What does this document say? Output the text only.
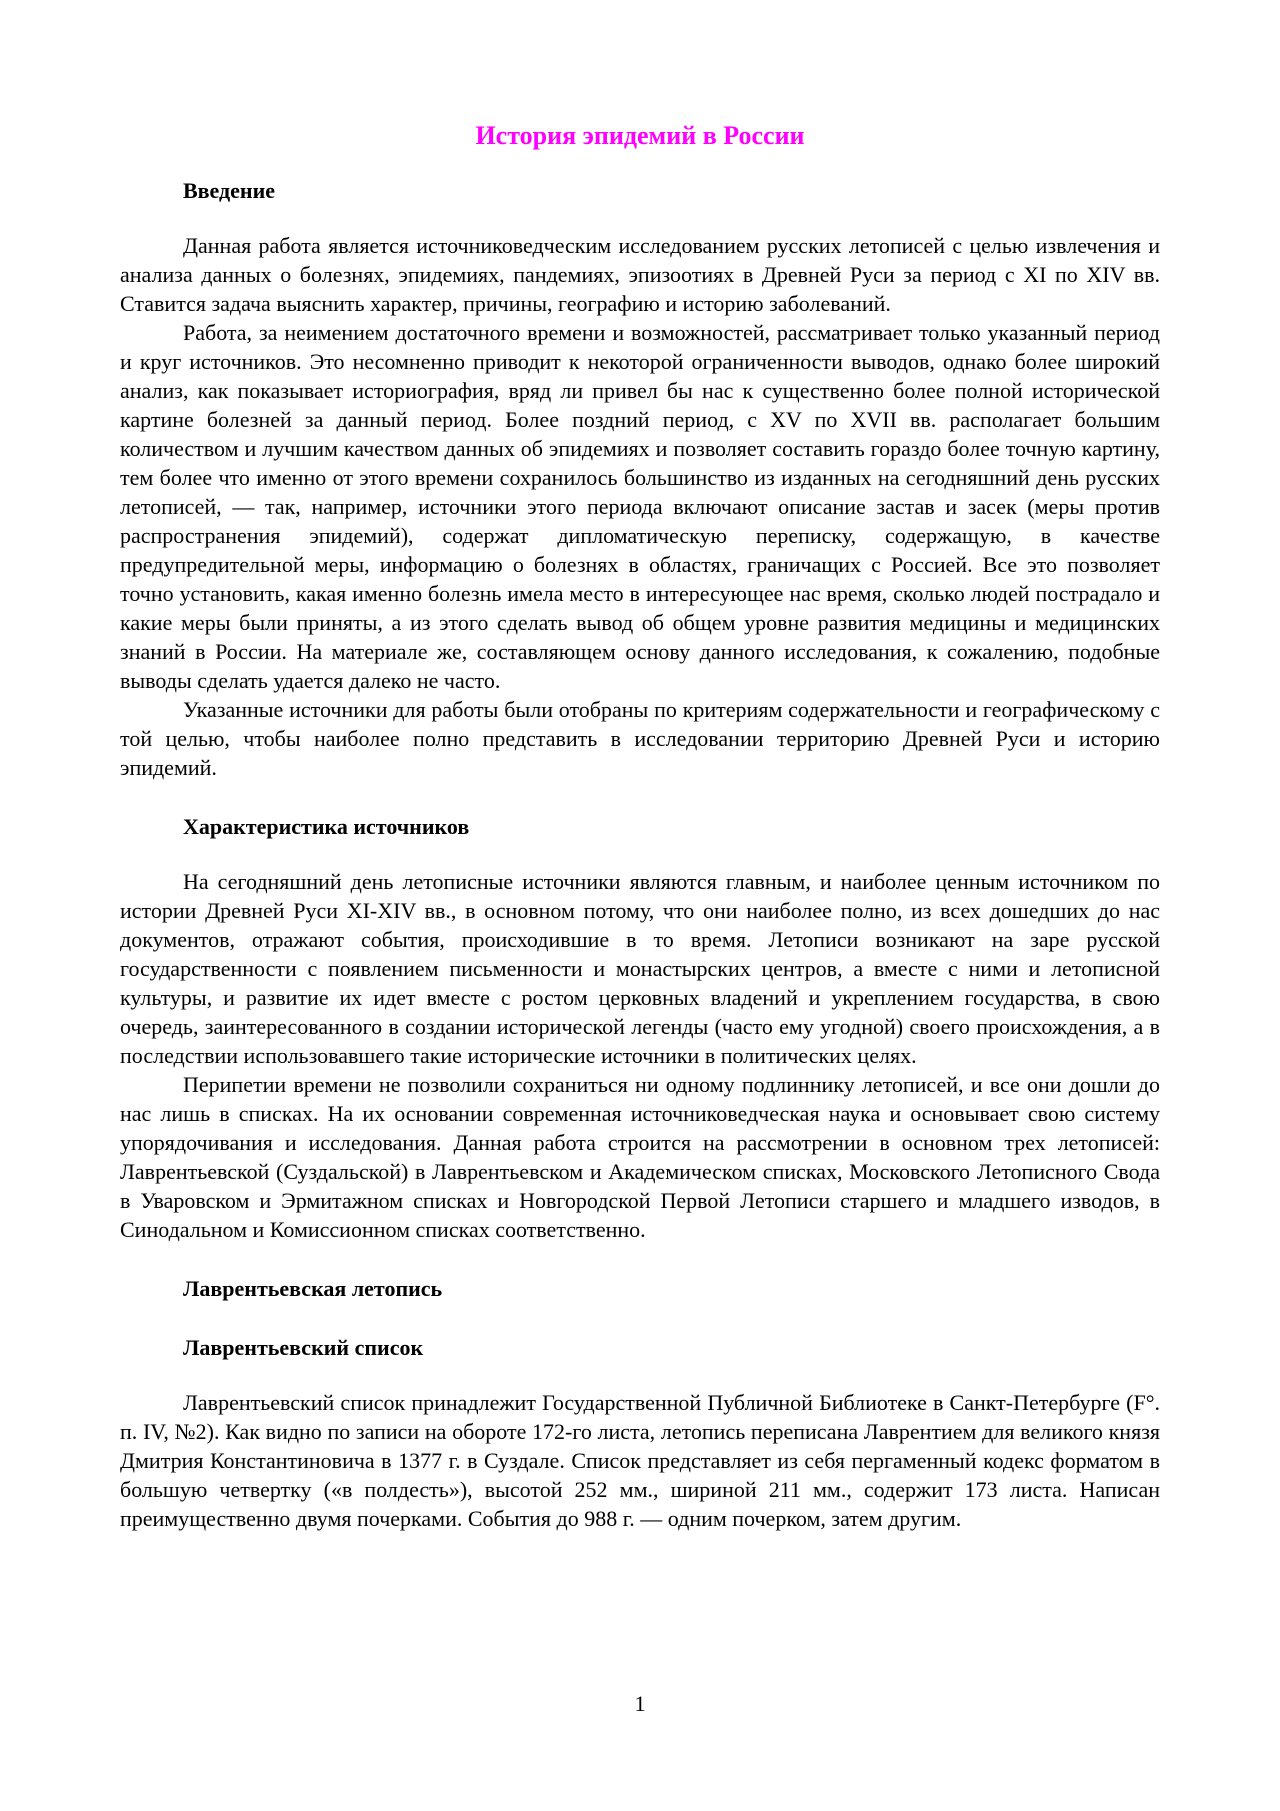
История эпидемий в России
Введение

Данная работа является источниковедческим исследованием русских летописей с целью извлечения и анализа данных о болезнях, эпидемиях, пандемиях, эпизоотиях в Древней Руси за период с XI по XIV вв. Ставится задача выяснить характер, причины, географию и историю заболеваний.

Работа, за неимением достаточного времени и возможностей, рассматривает только указанный период и круг источников. Это несомненно приводит к некоторой ограниченности выводов, однако более широкий анализ, как показывает историография, вряд ли привел бы нас к существенно более полной исторической картине болезней за данный период. Более поздний период, с XV по XVII вв. располагает большим количеством и лучшим качеством данных об эпидемиях и позволяет составить гораздо более точную картину, тем более что именно от этого времени сохранилось большинство из изданных на сегодняшний день русских летописей, — так, например, источники этого периода включают описание застав и засек (меры против распространения эпидемий), содержат дипломатическую переписку, содержащую, в качестве предупредительной меры, информацию о болезнях в областях, граничащих с Россией. Все это позволяет точно установить, какая именно болезнь имела место в интересующее нас время, сколько людей пострадало и какие меры были приняты, а из этого сделать вывод об общем уровне развития медицины и медицинских знаний в России. На материале же, составляющем основу данного исследования, к сожалению, подобные выводы сделать удается далеко не часто.

Указанные источники для работы были отобраны по критериям содержательности и географическому с той целью, чтобы наиболее полно представить в исследовании территорию Древней Руси и историю эпидемий.

Характеристика источников

На сегодняшний день летописные источники являются главным, и наиболее ценным источником по истории Древней Руси XI-XIV вв., в основном потому, что они наиболее полно, из всех дошедших до нас документов, отражают события, происходившие в то время. Летописи возникают на заре русской государственности с появлением письменности и монастырских центров, а вместе с ними и летописной культуры, и развитие их идет вместе с ростом церковных владений и укреплением государства, в свою очередь, заинтересованного в создании исторической легенды (часто ему угодной) своего происхождения, а в последствии использовавшего такие исторические источники в политических целях.

Перипетии времени не позволили сохраниться ни одному подлиннику летописей, и все они дошли до нас лишь в списках. На их основании современная источниковедческая наука и основывает свою систему упорядочивания и исследования. Данная работа строится на рассмотрении в основном трех летописей: Лаврентьевской (Суздальской) в Лаврентьевском и Академическом списках, Московского Летописного Свода в Уваровском и Эрмитажном списках и Новгородской Первой Летописи старшего и младшего изводов, в Синодальном и Комиссионном списках соответственно.

Лаврентьевская летопись
Лаврентьевский список

Лаврентьевский список принадлежит Государственной Публичной Библиотеке в Санкт-Петербурге (F°. п. IV, №2). Как видно по записи на обороте 172-го листа, летопись переписана Лаврентием для великого князя Дмитрия Константиновича в 1377 г. в Суздале. Список представляет из себя пергаменный кодекс форматом в большую четвертку («в полдесть»), высотой 252 мм., шириной 211 мм., содержит 173 листа. Написан преимущественно двумя почерками. События до 988 г. — одним почерком, затем другим.

1
